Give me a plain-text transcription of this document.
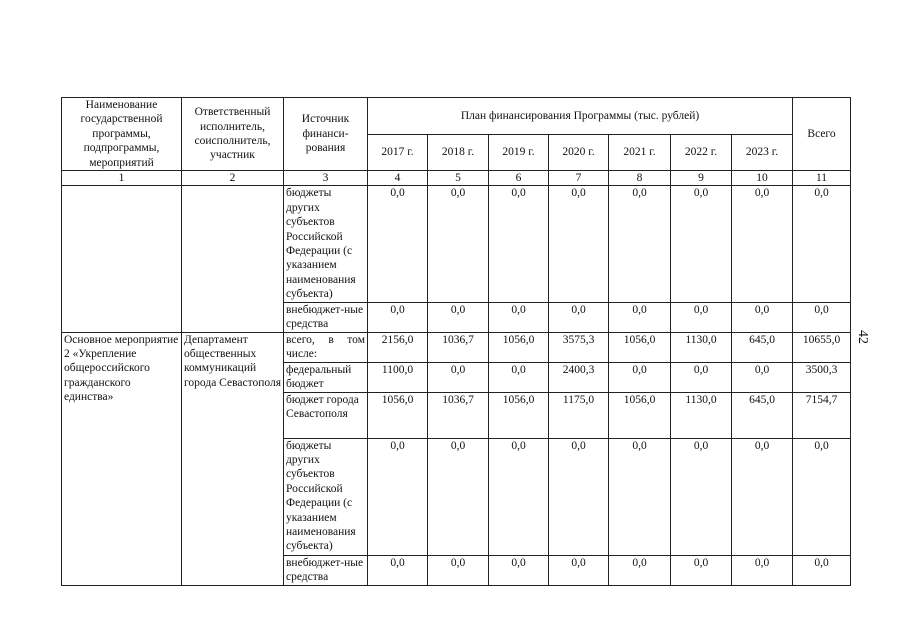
Наименование государственной программы, подпрограммы, мероприятий	Ответственный исполнитель, соисполнитель, участник	Источник финанси-рования	План финансирования Программы (тыс. рублей)							Всего
			2017 г.	2018 г.	2019 г.	2020 г.	2021 г.	2022 г.	2023 г.	
1	2	3	4	5	6	7	8	9	10	11
		бюджеты других субъектов Российской Федерации (с указанием наименования субъекта)	0,0	0,0	0,0	0,0	0,0	0,0	0,0	0,0
		внебюджет-ные средства	0,0	0,0	0,0	0,0	0,0	0,0	0,0	0,0
Основное мероприятие 2 «Укрепление общероссийского гражданского единства»	Департамент общественных коммуникаций города Севастополя	всего, в том числе:	2156,0	1036,7	1056,0	3575,3	1056,0	1130,0	645,0	10655,0
		федеральный бюджет	1100,0	0,0	0,0	2400,3	0,0	0,0	0,0	3500,3
		бюджет города Севастополя	1056,0	1036,7	1056,0	1175,0	1056,0	1130,0	645,0	7154,7
		бюджеты других субъектов Российской Федерации (с указанием наименования субъекта)	0,0	0,0	0,0	0,0	0,0	0,0	0,0	0,0
		внебюджет-ные средства	0,0	0,0	0,0	0,0	0,0	0,0	0,0	0,0
42
